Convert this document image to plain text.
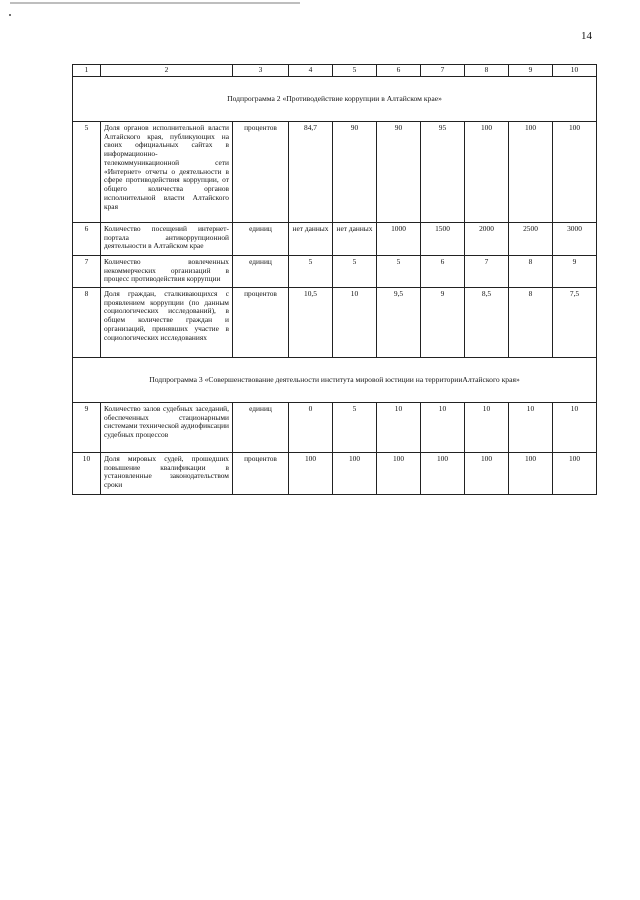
14
1	2	3	4	5	6	7	8	9	10
Подпрограмма 2 «Противодействие коррупции в Алтайском крае»									
5	Доля органов исполнительной власти Алтайского края, публикующих на своих официальных сайтах в информационно-телекоммуникационной сети «Интернет» отчеты о деятельности в сфере противодействия коррупции, от общего количества органов исполнительной власти Алтайского края	процентов	84,7	90	90	95	100	100	100
6	Количество посещений интернет-портала антикоррупционной деятельности в Алтайском крае	единиц	нет данных	нет данных	1000	1500	2000	2500	3000
7	Количество вовлеченных некоммерческих организаций в процесс противодействия коррупции	единиц	5	5	5	6	7	8	9
8	Доля граждан, сталкивающихся с проявлением коррупции (по данным социологических исследований), в общем количестве граждан и организаций, принявших участие в социологических исследованиях	процентов	10,5	10	9,5	9	8,5	8	7,5
Подпрограмма 3 «Совершенствование деятельности института мировой юстиции на территорииАлтайского края»									
9	Количество залов судебных заседаний, обеспеченных стационарными системами технической аудиофиксации судебных процессов	единиц	0	5	10	10	10	10	10
10	Доля мировых судей, прошедших повышение квалификации в установленные законодательством сроки	процентов	100	100	100	100	100	100	100
